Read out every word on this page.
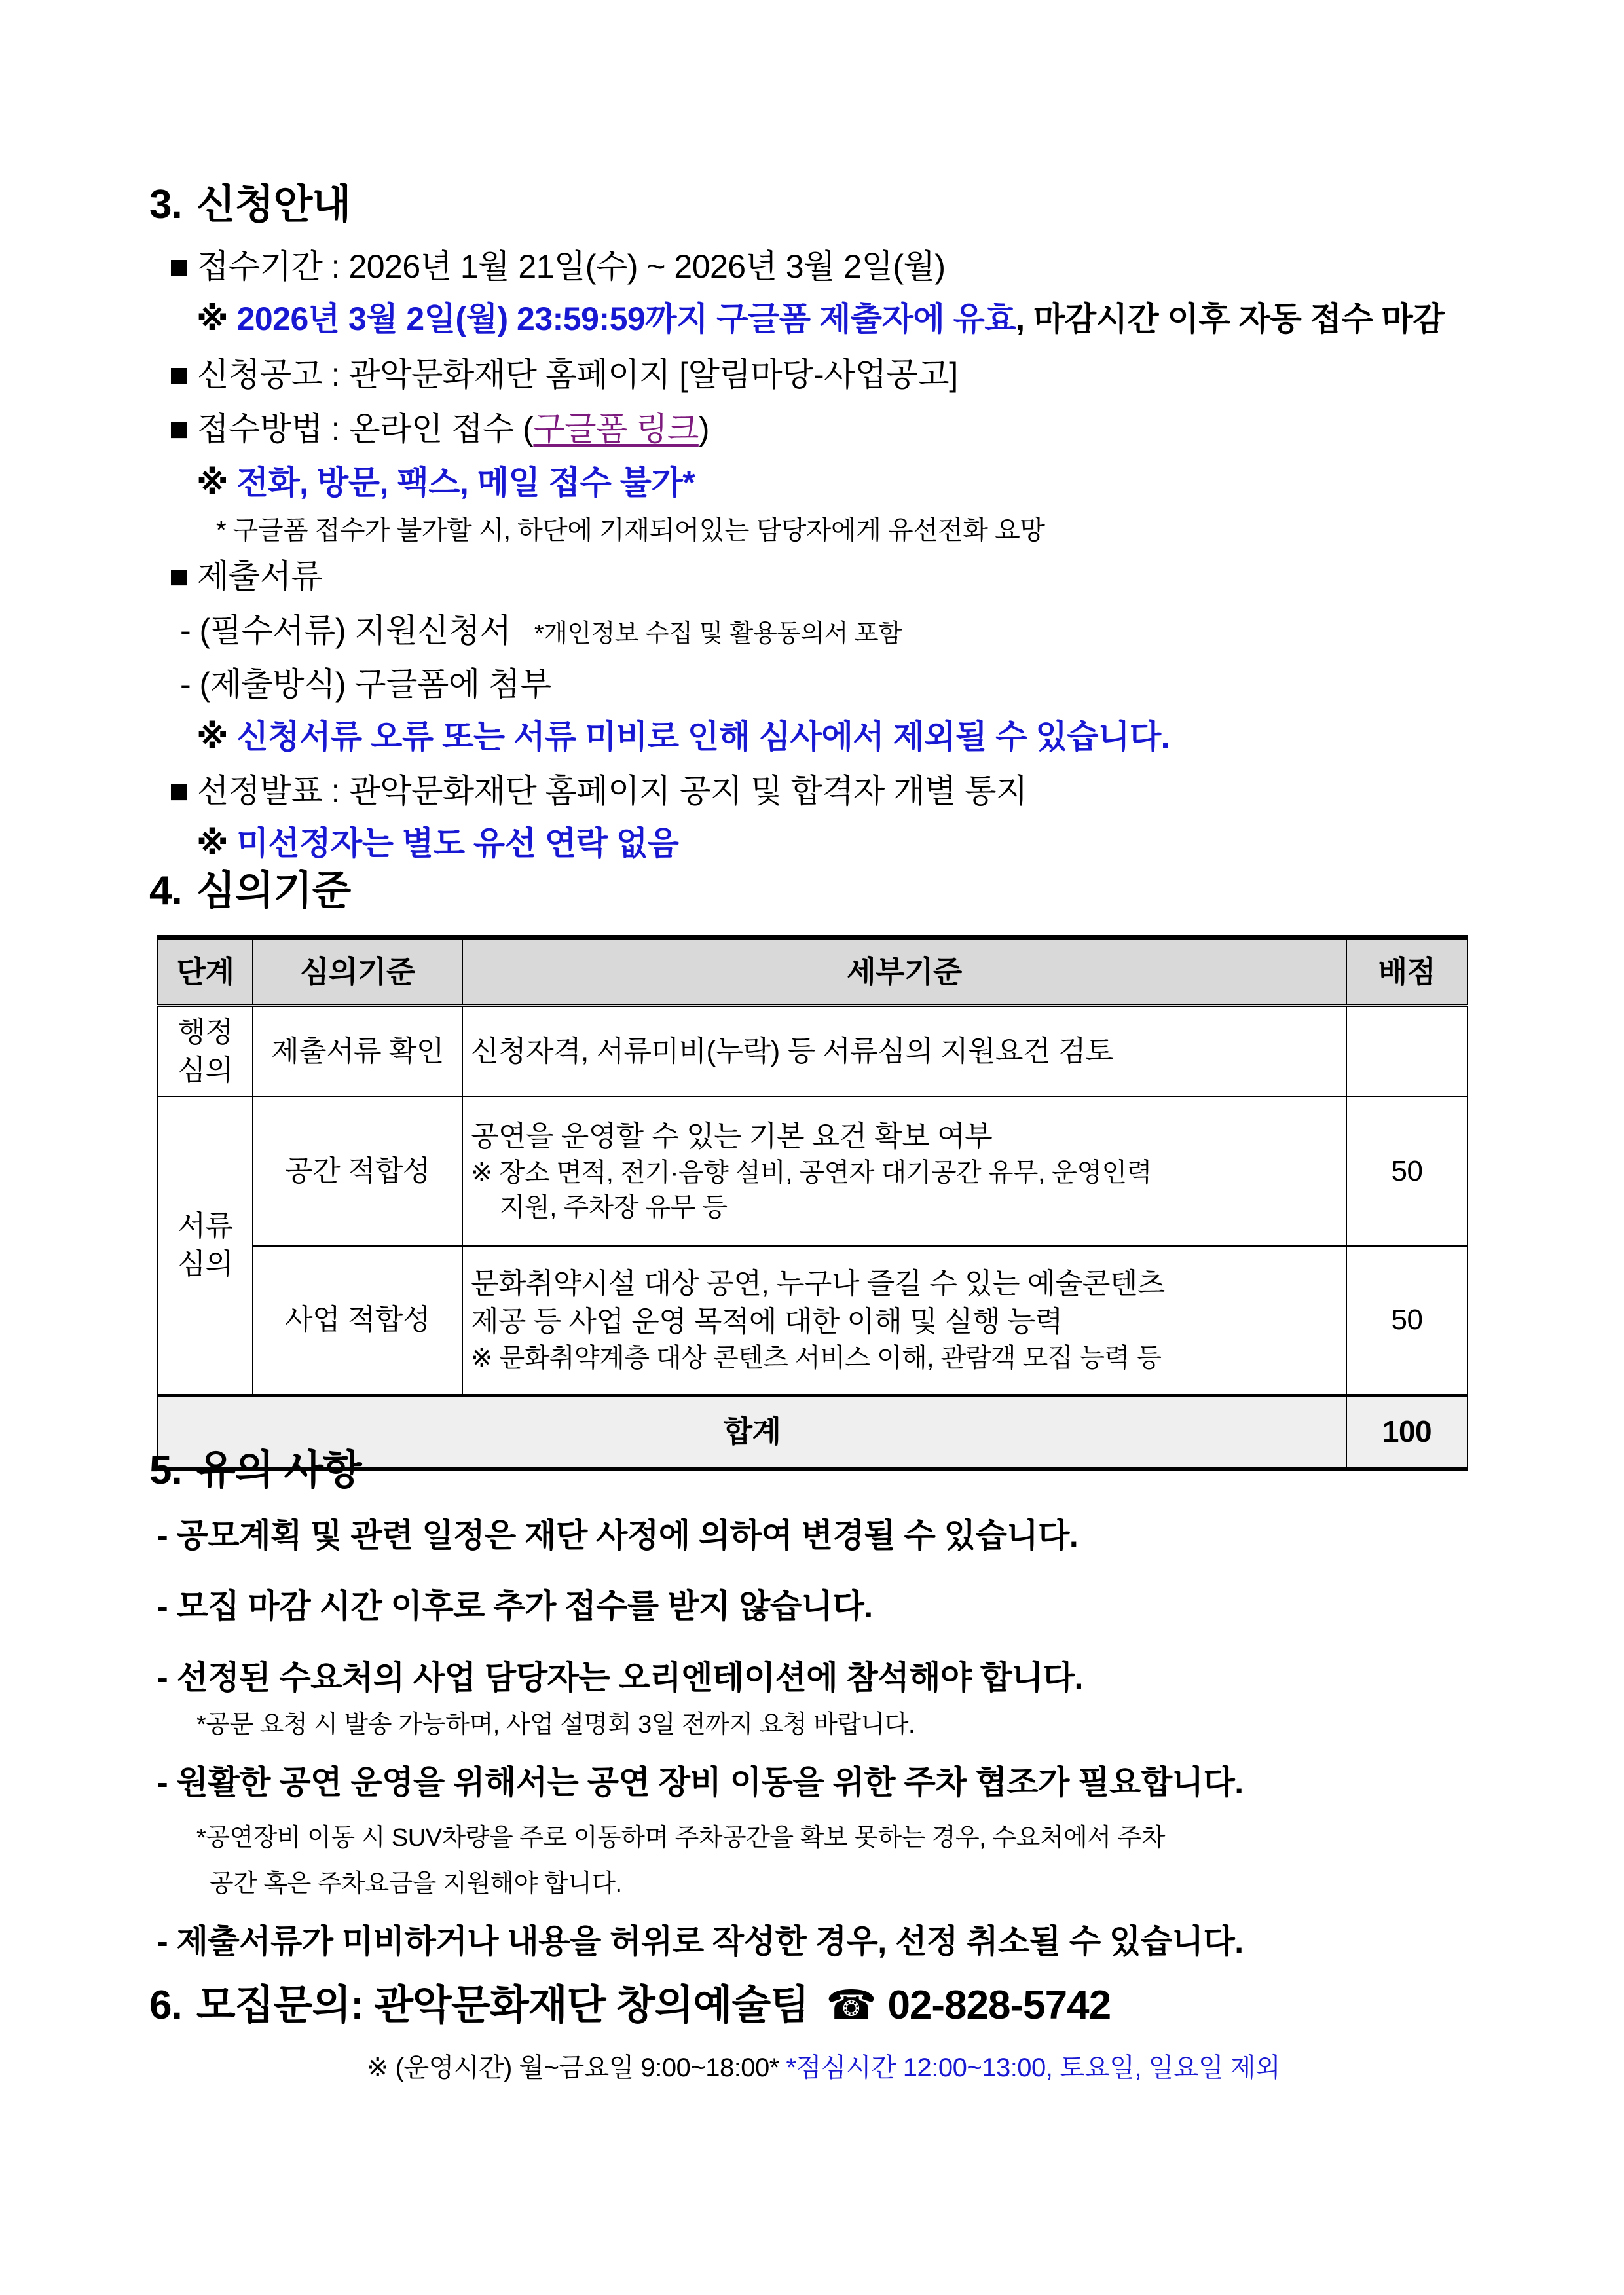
3. 신청안내
■ 접수기간 : 2026년 1월 21일(수) ~ 2026년 3월 2일(월)
※ 2026년 3월 2일(월) 23:59:59까지 구글폼 제출자에 유효, 마감시간 이후 자동 접수 마감
■ 신청공고 : 관악문화재단 홈페이지 [알림마당-사업공고]
■ 접수방법 : 온라인 접수 (구글폼 링크)
※ 전화, 방문, 팩스, 메일 접수 불가*
* 구글폼 접수가 불가할 시, 하단에 기재되어있는 담당자에게 유선전화 요망
■ 제출서류
- (필수서류) 지원신청서 *개인정보 수집 및 활용동의서 포함
- (제출방식) 구글폼에 첨부
※ 신청서류 오류 또는 서류 미비로 인해 심사에서 제외될 수 있습니다.
■ 선정발표 : 관악문화재단 홈페이지 공지 및 합격자 개별 통지
※ 미선정자는 별도 유선 연락 없음
4. 심의기준
단계	심의기준	세부기준	배점
행정심의	제출서류 확인	신청자격, 서류미비(누락) 등 서류심의 지원요건 검토	
서류심의	공간 적합성	공연을 운영할 수 있는 기본 요건 확보 여부
※ 장소 면적, 전기·음향 설비, 공연자 대기공간 유무, 운영인력
지원, 주차장 유무 등	50
	사업 적합성	문화취약시설 대상 공연, 누구나 즐길 수 있는 예술콘텐츠
제공 등 사업 운영 목적에 대한 이해 및 실행 능력
※ 문화취약계층 대상 콘텐츠 서비스 이해, 관람객 모집 능력 등	50
합계			100
5. 유의 사항
- 공모계획 및 관련 일정은 재단 사정에 의하여 변경될 수 있습니다.
- 모집 마감 시간 이후로 추가 접수를 받지 않습니다.
- 선정된 수요처의 사업 담당자는 오리엔테이션에 참석해야 합니다.
*공문 요청 시 발송 가능하며, 사업 설명회 3일 전까지 요청 바랍니다.
- 원활한 공연 운영을 위해서는 공연 장비 이동을 위한 주차 협조가 필요합니다.
*공연장비 이동 시 SUV차량을 주로 이동하며 주차공간을 확보 못하는 경우, 수요처에서 주차
공간 혹은 주차요금을 지원해야 합니다.
- 제출서류가 미비하거나 내용을 허위로 작성한 경우, 선정 취소될 수 있습니다.
6. 모집문의: 관악문화재단 창의예술팀 ☎ 02-828-5742
※ (운영시간) 월~금요일 9:00~18:00* *점심시간 12:00~13:00, 토요일, 일요일 제외
